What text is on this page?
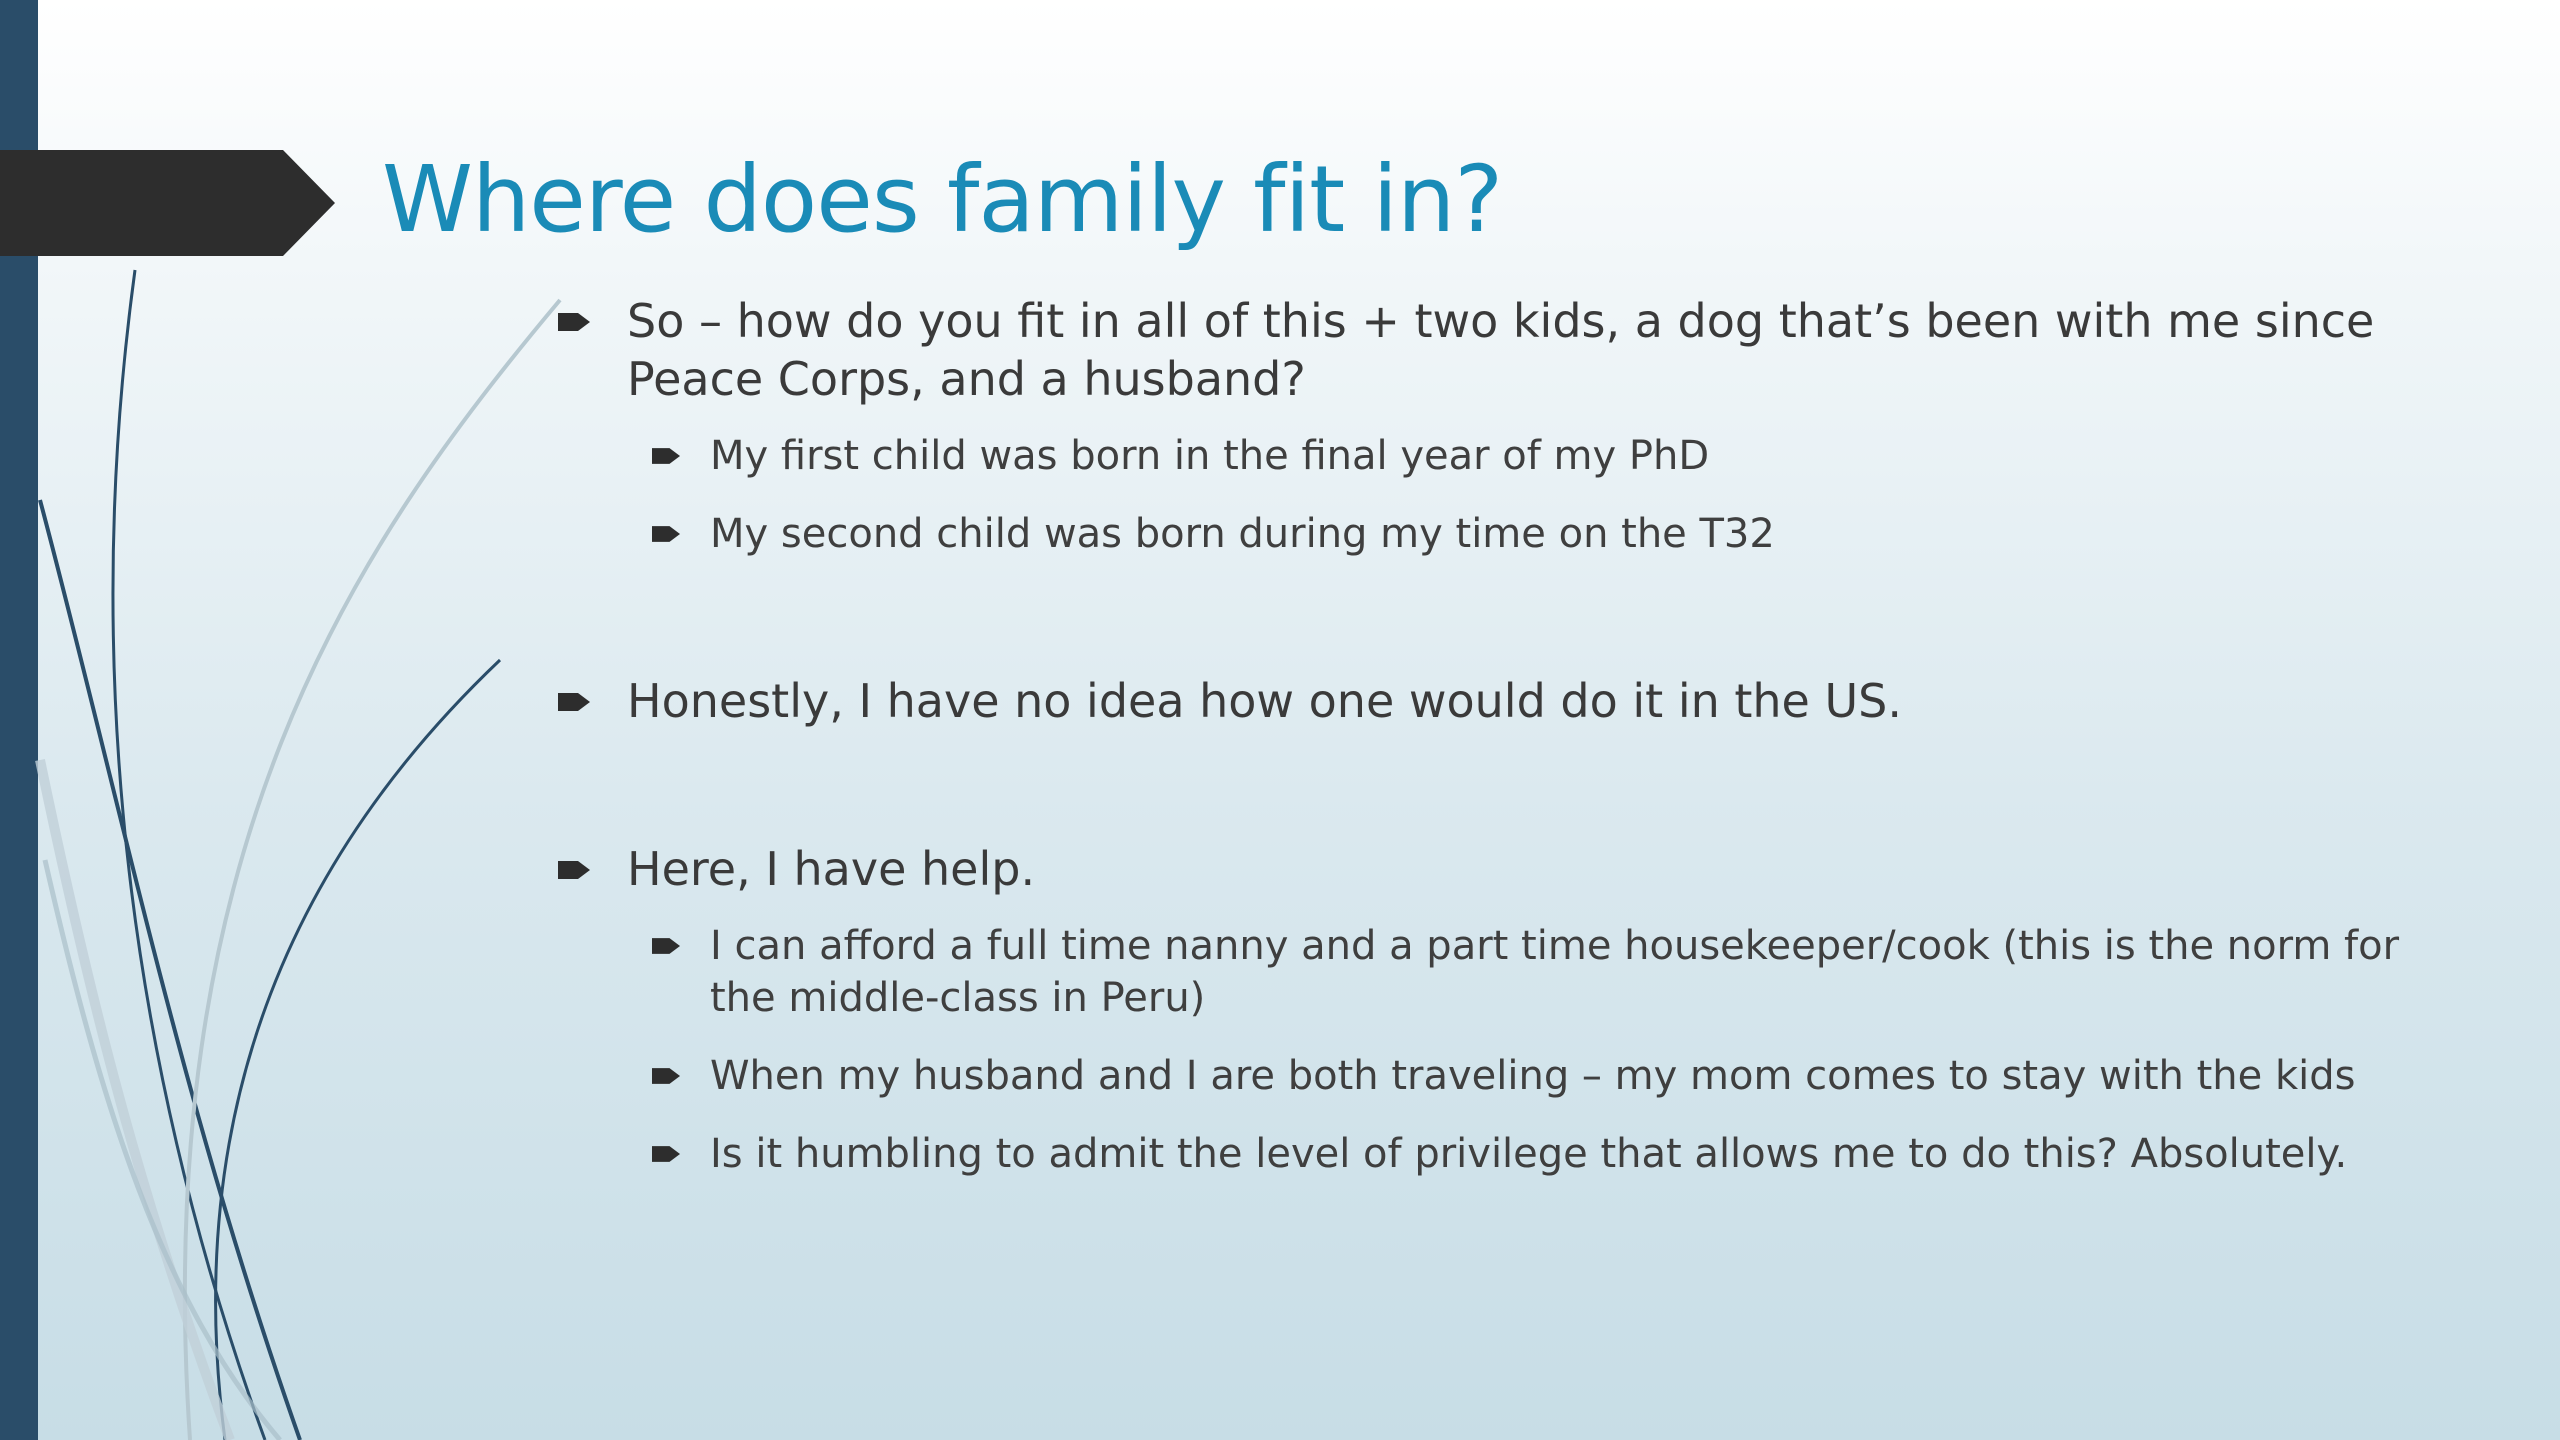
Where does family fit in?
So – how do you fit in all of this + two kids, a dog that’s been with me since Peace Corps, and a husband?
My first child was born in the final year of my PhD
My second child was born during my time on the T32
Honestly, I have no idea how one would do it in the US.
Here, I have help.
I can afford a full time nanny and a part time housekeeper/cook (this is the norm for the middle-class in Peru)
When my husband and I are both traveling – my mom comes to stay with the kids
Is it humbling to admit the level of privilege that allows me to do this? Absolutely.
